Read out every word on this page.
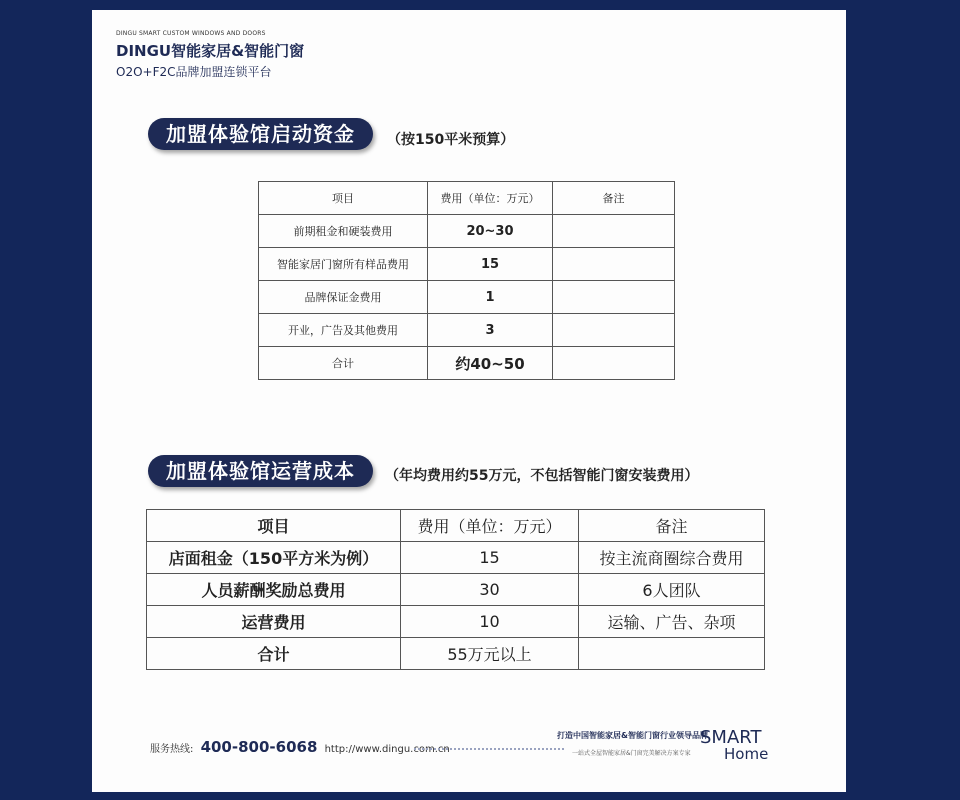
DINGU SMART CUSTOM WINDOWS AND DOORS
DINGU智能家居&智能门窗
O2O+F2C品牌加盟连锁平台
加盟体验馆启动资金	（按150平米预算）
项目	费用（单位：万元）	备注
前期租金和硬装费用	20~30	
智能家居门窗所有样品费用	15	
品牌保证金费用	1	
开业，广告及其他费用	3	
合计	约40~50	
加盟体验馆运营成本	（年均费用约55万元，不包括智能门窗安装费用）
项目	费用（单位：万元）	备注
店面租金（150平方米为例）	15	按主流商圈综合费用
人员薪酬奖励总费用	30	6人团队
运营费用	10	运输、广告、杂项
合计	55万元以上	
服务热线: 400-800-6068 http://www.dingu.com.cn
打造中国智能家居&智能门窗行业领导品牌
一站式全屋智能家居&门窗完美解决方案专家
SMART
Home
